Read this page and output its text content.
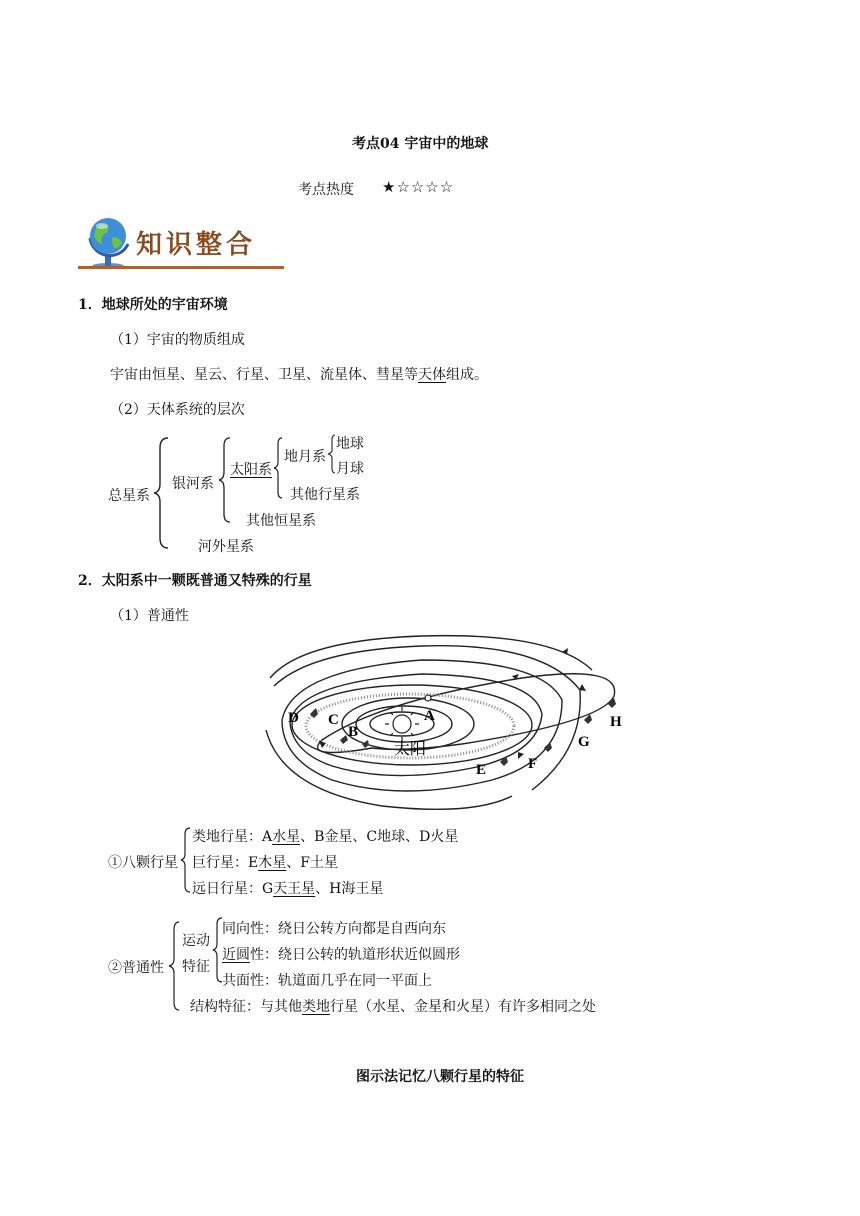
考点04 宇宙中的地球
考点热度 ★☆☆☆☆
知识整合
1．地球所处的宇宙环境
（1）宇宙的物质组成
宇宙由恒星、星云、行星、卫星、流星体、彗星等天体组成。
（2）天体系统的层次
总星系
银河系
河外星系
太阳系
其他恒星系
地月系
其他行星系
地球
月球
2．太阳系中一颗既普通又特殊的行星
（1）普通性
D C
B
A
E	F
G
H
太阳
①八颗行星
类地行星：A水星、B金星、C地球、D火星
巨行星：E木星、F土星
远日行星：G天王星、H海王星
②普通性
运动
特征
同向性：绕日公转方向都是自西向东
近圆性：绕日公转的轨道形状近似圆形
共面性：轨道面几乎在同一平面上
结构特征：与其他类地行星（水星、金星和火星）有许多相同之处
图示法记忆八颗行星的特征
